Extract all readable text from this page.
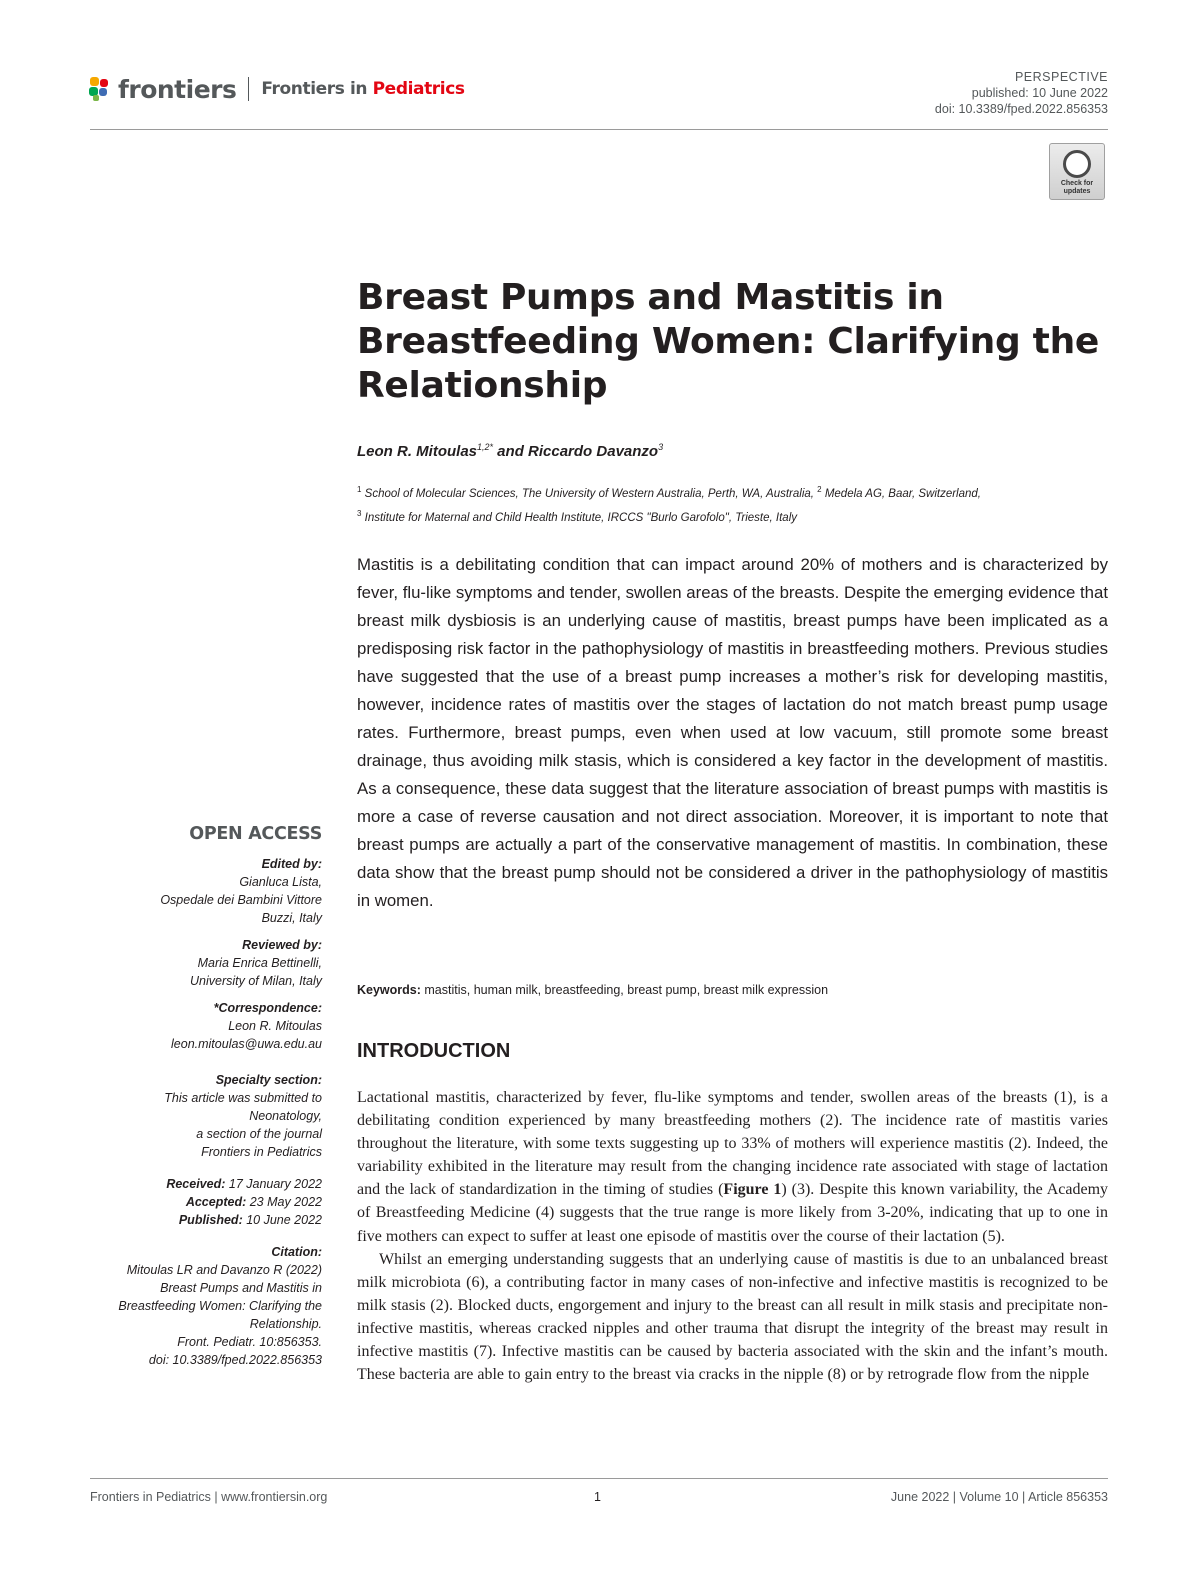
frontiers Frontiers in Pediatrics
PERSPECTIVE
published: 10 June 2022
doi: 10.3389/fped.2022.856353
Check for
updates
Breast Pumps and Mastitis in Breastfeeding Women: Clarifying the Relationship
Leon R. Mitoulas$^{1,2*}$ and Riccardo Davanzo$^3$
$^1$ School of Molecular Sciences, The University of Western Australia, Perth, WA, Australia, $^2$ Medela AG, Baar, Switzerland,
$^3$ Institute for Maternal and Child Health Institute, IRCCS "Burlo Garofolo", Trieste, Italy
Mastitis is a debilitating condition that can impact around 20% of mothers and is characterized by fever, flu-like symptoms and tender, swollen areas of the breasts. Despite the emerging evidence that breast milk dysbiosis is an underlying cause of mastitis, breast pumps have been implicated as a predisposing risk factor in the pathophysiology of mastitis in breastfeeding mothers. Previous studies have suggested that the use of a breast pump increases a mother’s risk for developing mastitis, however, incidence rates of mastitis over the stages of lactation do not match breast pump usage rates. Furthermore, breast pumps, even when used at low vacuum, still promote some breast drainage, thus avoiding milk stasis, which is considered a key factor in the development of mastitis. As a consequence, these data suggest that the literature association of breast pumps with mastitis is more a case of reverse causation and not direct association. Moreover, it is important to note that breast pumps are actually a part of the conservative management of mastitis. In combination, these data show that the breast pump should not be considered a driver in the pathophysiology of mastitis in women.
Keywords: mastitis, human milk, breastfeeding, breast pump, breast milk expression
INTRODUCTION

Lactational mastitis, characterized by fever, flu-like symptoms and tender, swollen areas of the breasts (1), is a debilitating condition experienced by many breastfeeding mothers (2). The incidence rate of mastitis varies throughout the literature, with some texts suggesting up to 33% of mothers will experience mastitis (2). Indeed, the variability exhibited in the literature may result from the changing incidence rate associated with stage of lactation and the lack of standardization in the timing of studies (Figure 1) (3). Despite this known variability, the Academy of Breastfeeding Medicine (4) suggests that the true range is more likely from 3-20%, indicating that up to one in five mothers can expect to suffer at least one episode of mastitis over the course of their lactation (5).

Whilst an emerging understanding suggests that an underlying cause of mastitis is due to an unbalanced breast milk microbiota (6), a contributing factor in many cases of non-infective and infective mastitis is recognized to be milk stasis (2). Blocked ducts, engorgement and injury to the breast can all result in milk stasis and precipitate non-infective mastitis, whereas cracked nipples and other trauma that disrupt the integrity of the breast may result in infective mastitis (7). Infective mastitis can be caused by bacteria associated with the skin and the infant’s mouth. These bacteria are able to gain entry to the breast via cracks in the nipple (8) or by retrograde flow from the nipple

OPEN ACCESS
Edited by:
Gianluca Lista,
Ospedale dei Bambini Vittore
Buzzi, Italy
Reviewed by:
Maria Enrica Bettinelli,
University of Milan, Italy
*Correspondence:
Leon R. Mitoulas
leon.mitoulas@uwa.edu.au
Specialty section:
This article was submitted to
Neonatology,
a section of the journal
Frontiers in Pediatrics
Received: 17 January 2022
Accepted: 23 May 2022
Published: 10 June 2022
Citation:
Mitoulas LR and Davanzo R (2022)
Breast Pumps and Mastitis in
Breastfeeding Women: Clarifying the
Relationship.
Front. Pediatr. 10:856353.
doi: 10.3389/fped.2022.856353
Frontiers in Pediatrics | www.frontiersin.org	1	June 2022 | Volume 10 | Article 856353
